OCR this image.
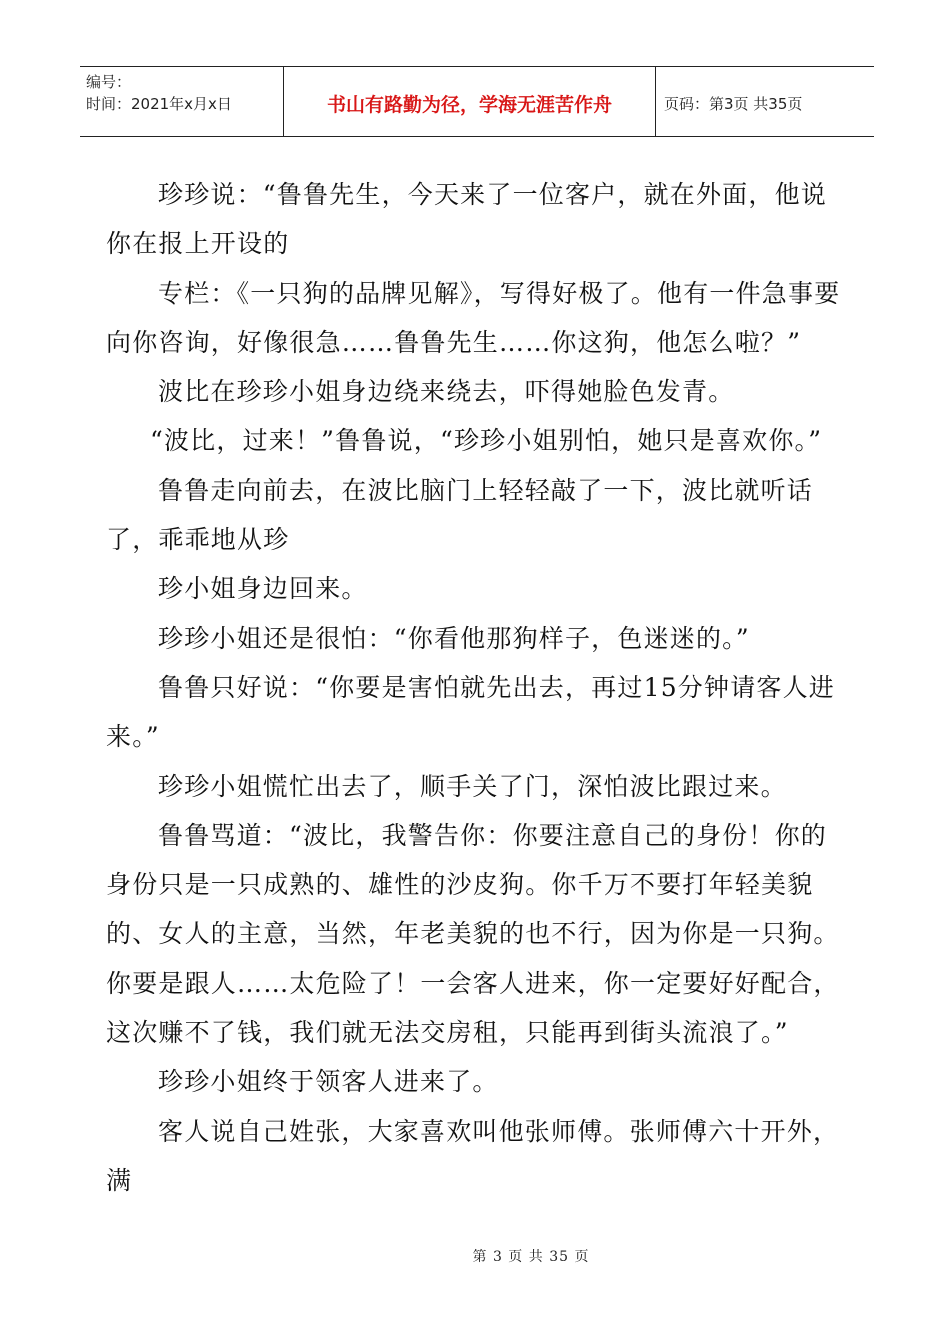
编号：
时间：2021年x月x日	书山有路勤为径，学海无涯苦作舟	页码：第3页 共35页

珍珍说：“鲁鲁先生，今天来了一位客户，就在外面，他说你在报上开设的

专栏：《一只狗的品牌见解》，写得好极了。他有一件急事要向你咨询，好像很急……鲁鲁先生……你这狗，他怎么啦？”

波比在珍珍小姐身边绕来绕去，吓得她脸色发青。

“波比，过来！”鲁鲁说，“珍珍小姐别怕，她只是喜欢你。”

鲁鲁走向前去，在波比脑门上轻轻敲了一下，波比就听话了，乖乖地从珍

珍小姐身边回来。

珍珍小姐还是很怕：“你看他那狗样子，色迷迷的。”

鲁鲁只好说：“你要是害怕就先出去，再过15分钟请客人进来。”

珍珍小姐慌忙出去了，顺手关了门，深怕波比跟过来。

鲁鲁骂道：“波比，我警告你：你要注意自己的身份！你的身份只是一只成熟的、雄性的沙皮狗。你千万不要打年轻美貌的、女人的主意，当然，年老美貌的也不行，因为你是一只狗。你要是跟人……太危险了！一会客人进来，你一定要好好配合，这次赚不了钱，我们就无法交房租，只能再到街头流浪了。”

珍珍小姐终于领客人进来了。

客人说自己姓张，大家喜欢叫他张师傅。张师傅六十开外，满

第 3 页 共 35 页
